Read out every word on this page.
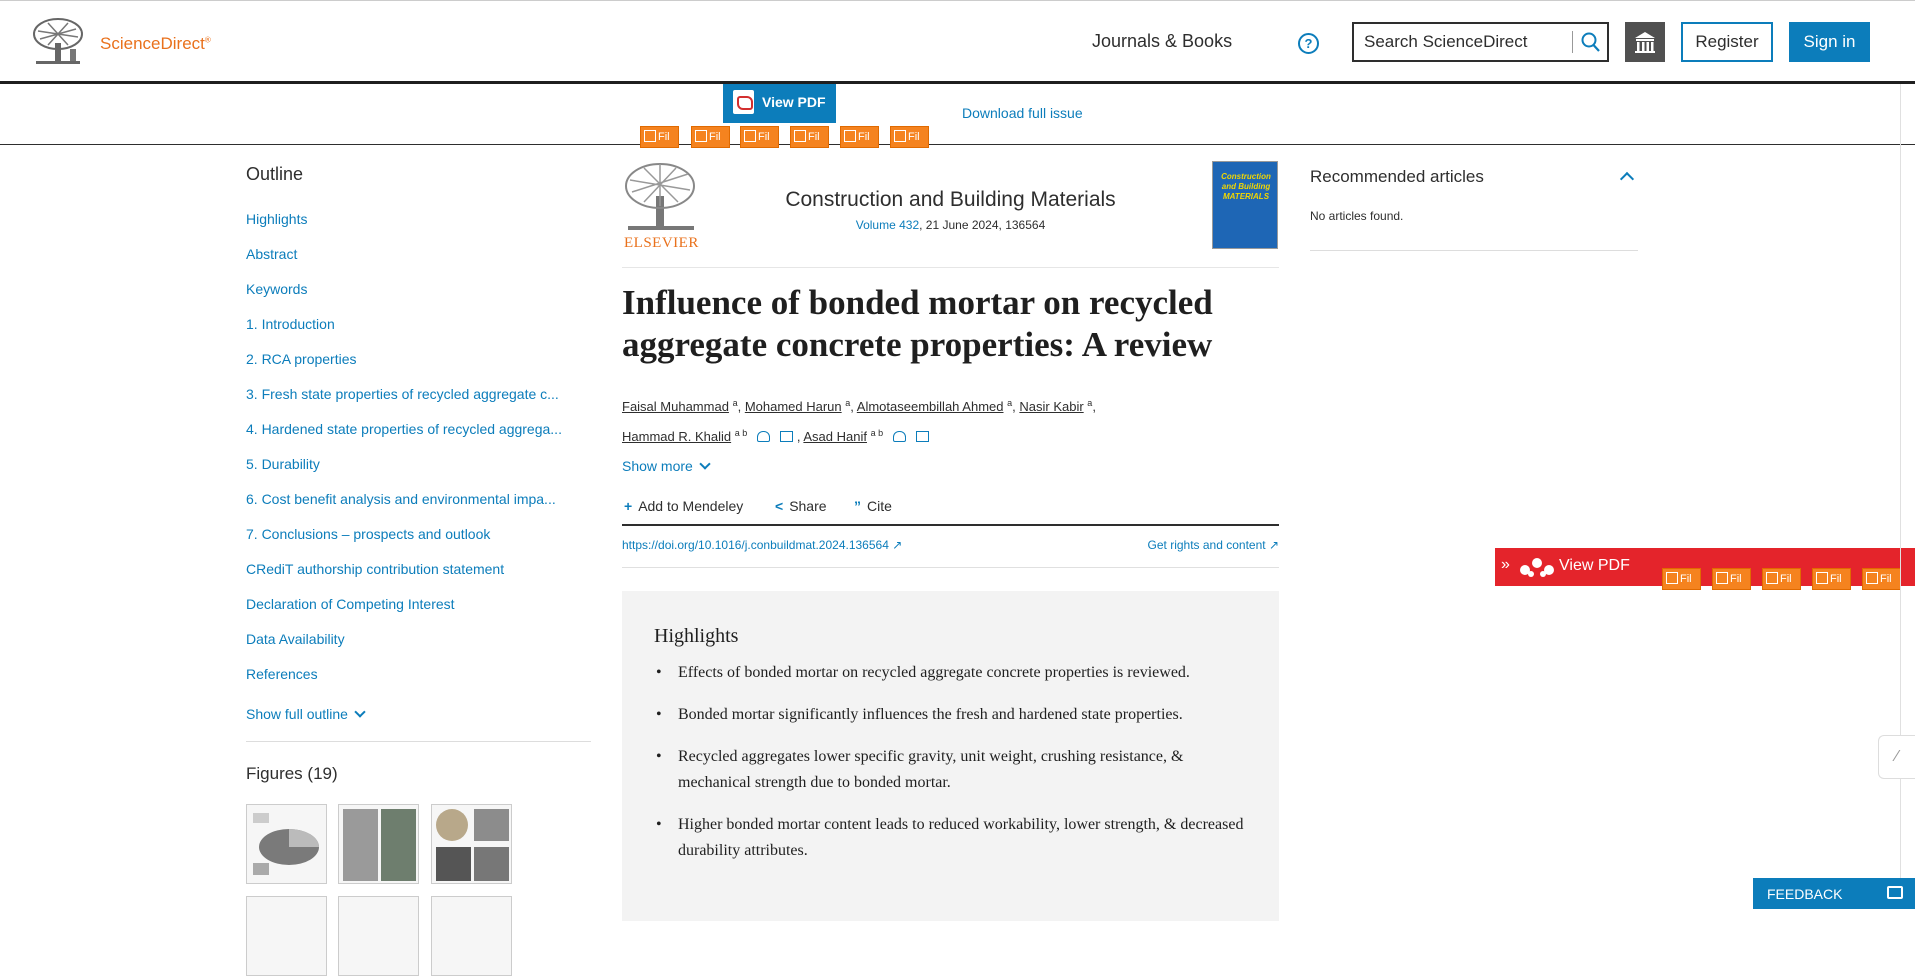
ScienceDirect®	Journals & Books	?
Search ScienceDirect	Register	Sign in
View PDF
Download full issue
Fil	Fil	Fil	Fil	Fil	Fil
Outline
Highlights
Abstract
Keywords
1. Introduction
2. RCA properties
3. Fresh state properties of recycled aggregate c...
4. Hardened state properties of recycled aggrega...
5. Durability
6. Cost benefit analysis and environmental impa...
7. Conclusions – prospects and outlook
CRediT authorship contribution statement
Declaration of Competing Interest
Data Availability
References
Show full outline
Figures (19)
ELSEVIER
Construction and Building Materials
Volume 432, 21 June 2024, 136564
Construction and Building MATERIALS
Influence of bonded mortar on recycled aggregate concrete properties: A review
Faisal Muhammad $^a$, Mohamed Harun $^a$, Almotaseembillah Ahmed $^a$, Nasir Kabir $^a$,
Hammad R. Khalid $^{a b}$	, Asad Hanif $^{a b}$
Show more
+ Add to Mendeley < Share ” Cite
https://doi.org/10.1016/j.conbuildmat.2024.136564 ↗	Get rights and content ↗
Highlights
• Effects of bonded mortar on recycled aggregate concrete properties is reviewed.
• Bonded mortar significantly influences the fresh and hardened state properties.
• Recycled aggregates lower specific gravity, unit weight, crushing resistance, & mechanical strength due to bonded mortar.
• Higher bonded mortar content leads to reduced workability, lower strength, & decreased durability attributes.
Recommended articles

No articles found.

»	View PDF
Fil	Fil	Fil	Fil	Fil
∕
FEEDBACK
